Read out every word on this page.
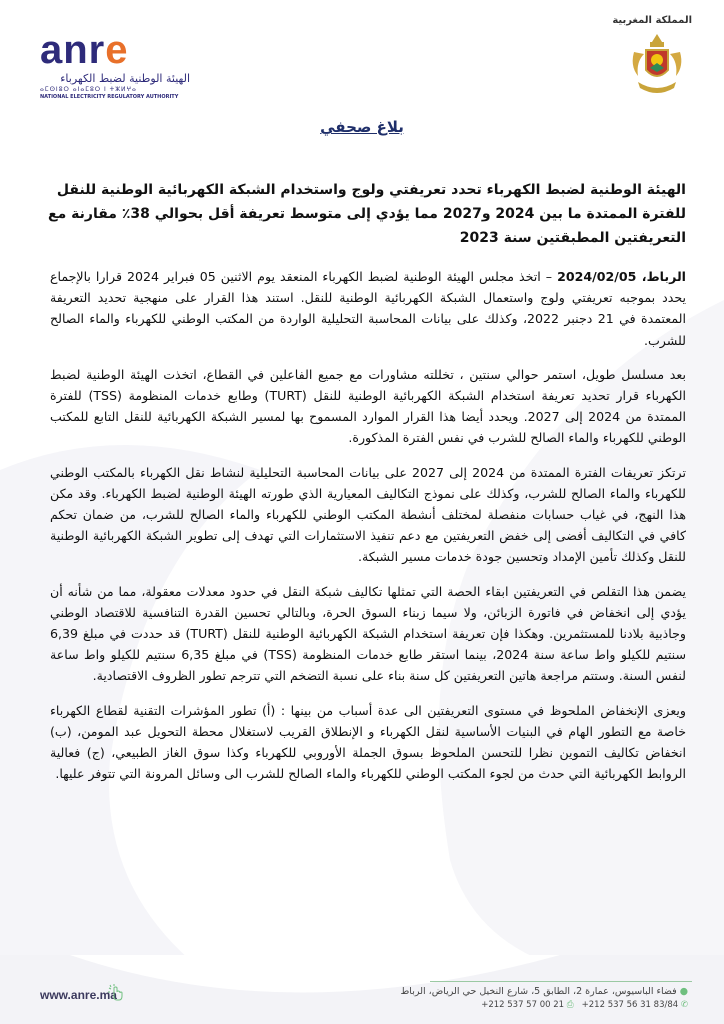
anre
الهيئة الوطنية لضبط الكهرباء
ⴰⵎⵙⵏⵓⵔ ⴰⵏⴰⵎⵓⵔ ⵏ ⵜⵣⵍⵖⴰ
NATIONAL ELECTRICITY REGULATORY AUTHORITY
المملكة المغربية
بلاغ صحفي
الهيئة الوطنية لضبط الكهرباء تحدد تعريفتي ولوج واستخدام الشبكة الكهربائية الوطنية للنقل للفترة الممتدة ما بين 2024 و2027 مما يؤدي إلى متوسط تعريفة أقل بحوالي 38٪ مقارنة مع التعريفتين المطبقتين سنة 2023

الرباط، 2024/02/05 – اتخذ مجلس الهيئة الوطنية لضبط الكهرباء المنعقد يوم الاثنين 05 فبراير 2024 قرارا بالإجماع يحدد بموجبه تعريفتي ولوج واستعمال الشبكة الكهربائية الوطنية للنقل. استند هذا القرار على منهجية تحديد التعريفة المعتمدة في 21 دجنبر 2022، وكذلك على بيانات المحاسبة التحليلية الواردة من المكتب الوطني للكهرباء والماء الصالح للشرب.

بعد مسلسل طويل، استمر حوالي سنتين ، تخللته مشاورات مع جميع الفاعلين في القطاع، اتخذت الهيئة الوطنية لضبط الكهرباء قرار تحديد تعريفة استخدام الشبكة الكهربائية الوطنية للنقل (TURT) وطابع خدمات المنظومة (TSS) للفترة الممتدة من 2024 إلى 2027. ويحدد أيضا هذا القرار الموارد المسموح بها لمسير الشبكة الكهربائية للنقل التابع للمكتب الوطني للكهرباء والماء الصالح للشرب في نفس الفترة المذكورة.

ترتكز تعريفات الفترة الممتدة من 2024 إلى 2027 على بيانات المحاسبة التحليلية لنشاط نقل الكهرباء بالمكتب الوطني للكهرباء والماء الصالح للشرب، وكذلك على نموذج التكاليف المعيارية الذي طورته الهيئة الوطنية لضبط الكهرباء. وقد مكن هذا النهج، في غياب حسابات منفصلة لمختلف أنشطة المكتب الوطني للكهرباء والماء الصالح للشرب، من ضمان تحكم كافي في التكاليف أفضى إلى خفض التعريفتين مع دعم تنفيذ الاستثمارات التي تهدف إلى تطوير الشبكة الكهربائية الوطنية للنقل وكذلك تأمين الإمداد وتحسين جودة خدمات مسير الشبكة.

يضمن هذا التقلص في التعريفتين ابقاء الحصة التي تمثلها تكاليف شبكة النقل في حدود معدلات معقولة، مما من شأنه أن يؤدي إلى انخفاض في فاتورة الزبائن، ولا سيما زبناء السوق الحرة، وبالتالي تحسين القدرة التنافسية للاقتصاد الوطني وجاذبية بلادنا للمستثمرين. وهكذا فإن تعريفة استخدام الشبكة الكهربائية الوطنية للنقل (TURT) قد حددت في مبلغ 6,39 سنتيم للكيلو واط ساعة سنة 2024، بينما استقر طابع خدمات المنظومة (TSS) في مبلغ 6,35 سنتيم للكيلو واط ساعة لنفس السنة. وستتم مراجعة هاتين التعريفتين كل سنة بناء على نسبة التضخم التي تترجم تطور الظروف الاقتصادية.

ويعزى الإنخفاض الملحوظ في مستوى التعريفتين الى عدة أسباب من بينها : (أ) تطور المؤشرات التقنية لقطاع الكهرباء خاصة مع التطور الهام في البنيات الأساسية لنقل الكهرباء و الإنطلاق القريب لاستغلال محطة التحويل عبد المومن، (ب) انخفاض تكاليف التموين نظرا للتحسن الملحوظ بسوق الجملة الأوروبي للكهرباء وكذا سوق الغاز الطبيعي، (ج) فعالية الروابط الكهربائية التي حدث من لجوء المكتب الوطني للكهرباء والماء الصالح للشرب الى وسائل المرونة التي تتوفر عليها.

www.anre.ma	● فضاء الباسيوس، عمارة 2، الطابق 5، شارع النخيل حي الرياض، الرباط
+212 537 57 00 21 ⎙ +212 537 56 31 83/84 ✆
